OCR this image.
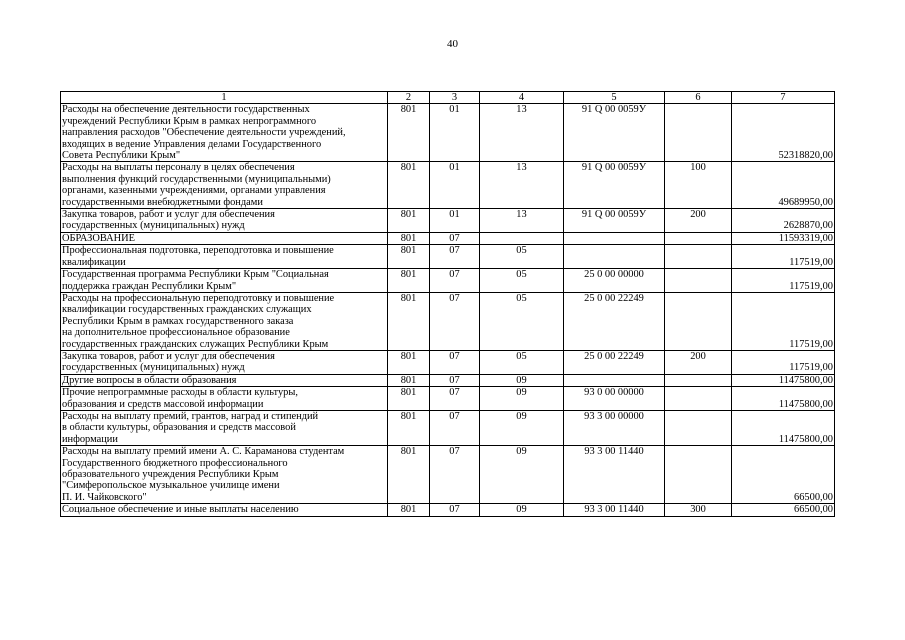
40
1	2	3	4	5	6	7

Расходы на обеспечение деятельности государственных
учреждений Республики Крым в рамках непрограммного
направления расходов "Обеспечение деятельности учреждений,
входящих в ведение Управления делами Государственного
Совета Республики Крым"	801	01	13	91 Q 00 0059У		52318820,00

Расходы на выплаты персоналу в целях обеспечения
выполнения функций государственными (муниципальными)
органами, казенными учреждениями, органами управления
государственными внебюджетными фондами	801	01	13	91 Q 00 0059У	100	49689950,00

Закупка товаров, работ и услуг для обеспечения
государственных (муниципальных) нужд	801	01	13	91 Q 00 0059У	200	2628870,00

ОБРАЗОВАНИЕ	801	07				11593319,00

Профессиональная подготовка, переподготовка и повышение
квалификации	801	07	05			117519,00

Государственная программа Республики Крым "Социальная
поддержка граждан Республики Крым"	801	07	05	25 0 00 00000		117519,00

Расходы на профессиональную переподготовку и повышение
квалификации государственных гражданских служащих
Республики Крым в рамках государственного заказа
на дополнительное профессиональное образование
государственных гражданских служащих Республики Крым	801	07	05	25 0 00 22249		117519,00

Закупка товаров, работ и услуг для обеспечения
государственных (муниципальных) нужд	801	07	05	25 0 00 22249	200	117519,00

Другие вопросы в области образования	801	07	09			11475800,00

Прочие непрограммные расходы в области культуры,
образования и средств массовой информации	801	07	09	93 0 00 00000		11475800,00

Расходы на выплату премий, грантов, наград и стипендий
в области культуры, образования и средств массовой
информации	801	07	09	93 3 00 00000		11475800,00

Расходы на выплату премий имени А. С. Караманова студентам
Государственного бюджетного профессионального
образовательного учреждения Республики Крым
"Симферопольское музыкальное училище имени
П. И. Чайковского"	801	07	09	93 3 00 11440		66500,00

Социальное обеспечение и иные выплаты населению	801	07	09	93 3 00 11440	300	66500,00
